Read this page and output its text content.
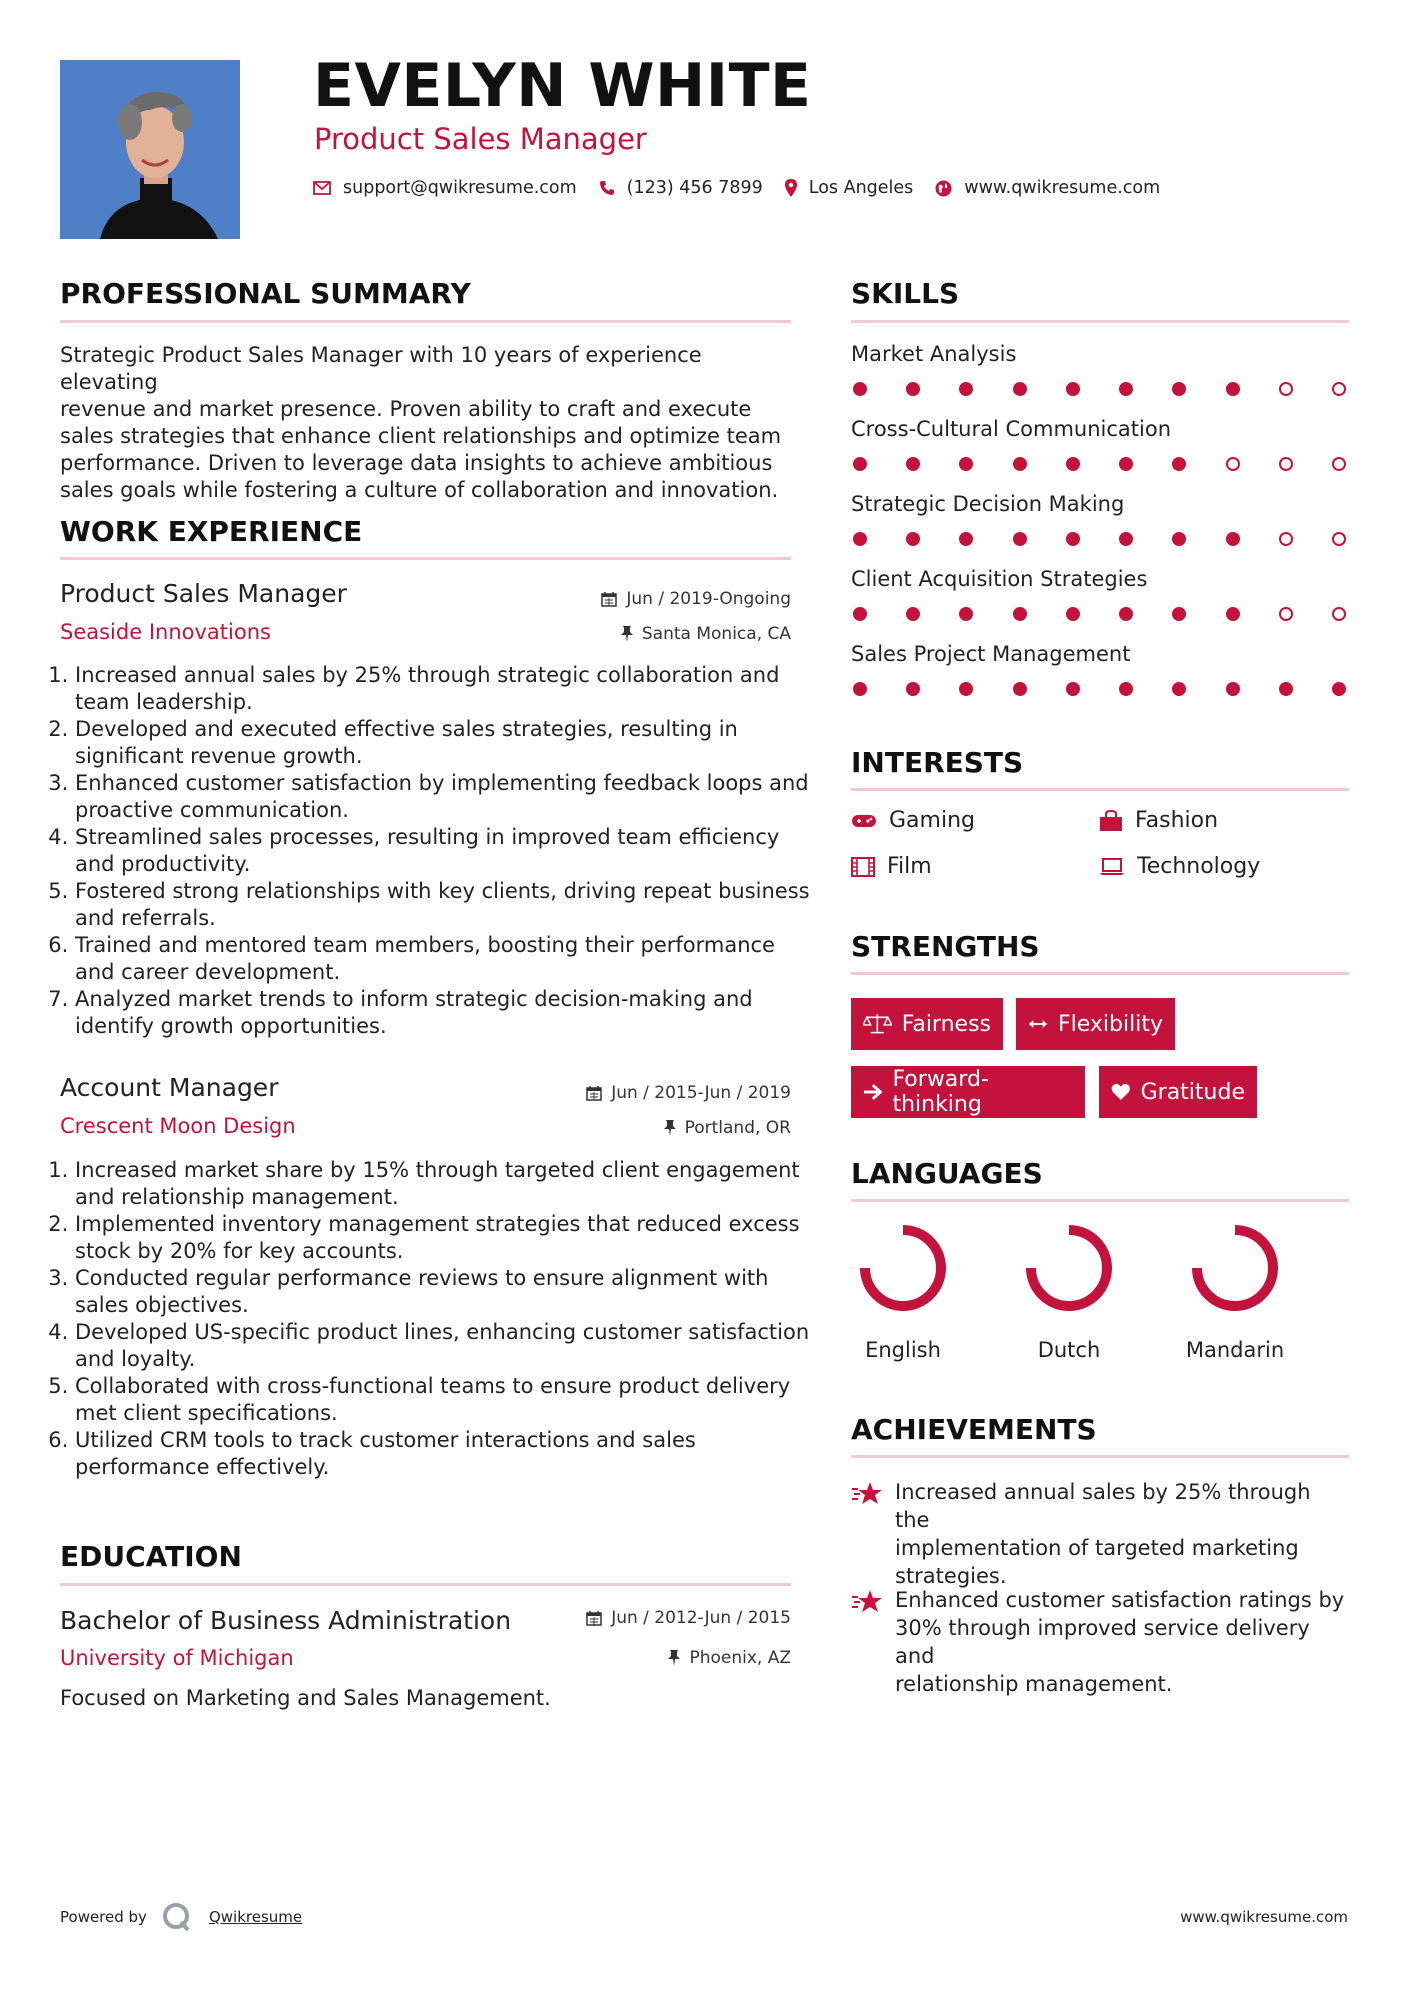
EVELYN WHITE
Product Sales Manager
support@qwikresume.com	(123) 456 7899	Los Angeles	www.qwikresume.com
PROFESSIONAL SUMMARY
Strategic Product Sales Manager with 10 years of experience elevating
revenue and market presence. Proven ability to craft and execute
sales strategies that enhance client relationships and optimize team
performance. Driven to leverage data insights to achieve ambitious
sales goals while fostering a culture of collaboration and innovation.
WORK EXPERIENCE
Product Sales Manager	Jun / 2019-Ongoing
Seaside Innovations	Santa Monica, CA
1. Increased annual sales by 25% through strategic collaboration and team leadership.
2. Developed and executed effective sales strategies, resulting in significant revenue growth.
3. Enhanced customer satisfaction by implementing feedback loops and proactive communication.
4. Streamlined sales processes, resulting in improved team efficiency and productivity.
5. Fostered strong relationships with key clients, driving repeat business and referrals.
6. Trained and mentored team members, boosting their performance and career development.
7. Analyzed market trends to inform strategic decision-making and identify growth opportunities.
Account Manager	Jun / 2015-Jun / 2019
Crescent Moon Design	Portland, OR
1. Increased market share by 15% through targeted client engagement and relationship management.
2. Implemented inventory management strategies that reduced excess stock by 20% for key accounts.
3. Conducted regular performance reviews to ensure alignment with sales objectives.
4. Developed US-specific product lines, enhancing customer satisfaction and loyalty.
5. Collaborated with cross-functional teams to ensure product delivery met client specifications.
6. Utilized CRM tools to track customer interactions and sales performance effectively.
EDUCATION
Bachelor of Business Administration	Jun / 2012-Jun / 2015
University of Michigan	Phoenix, AZ
Focused on Marketing and Sales Management.
SKILLS
Market Analysis
Cross-Cultural Communication
Strategic Decision Making
Client Acquisition Strategies
Sales Project Management
INTERESTS
Gaming	Fashion
Film	Technology
STRENGTHS
Fairness	Flexibility
Forward-thinking	Gratitude
LANGUAGES
English	Dutch	Mandarin
ACHIEVEMENTS
Increased annual sales by 25% through the
implementation of targeted marketing
strategies.
Enhanced customer satisfaction ratings by
30% through improved service delivery and
relationship management.
Powered by	Qwikresume	www.qwikresume.com
